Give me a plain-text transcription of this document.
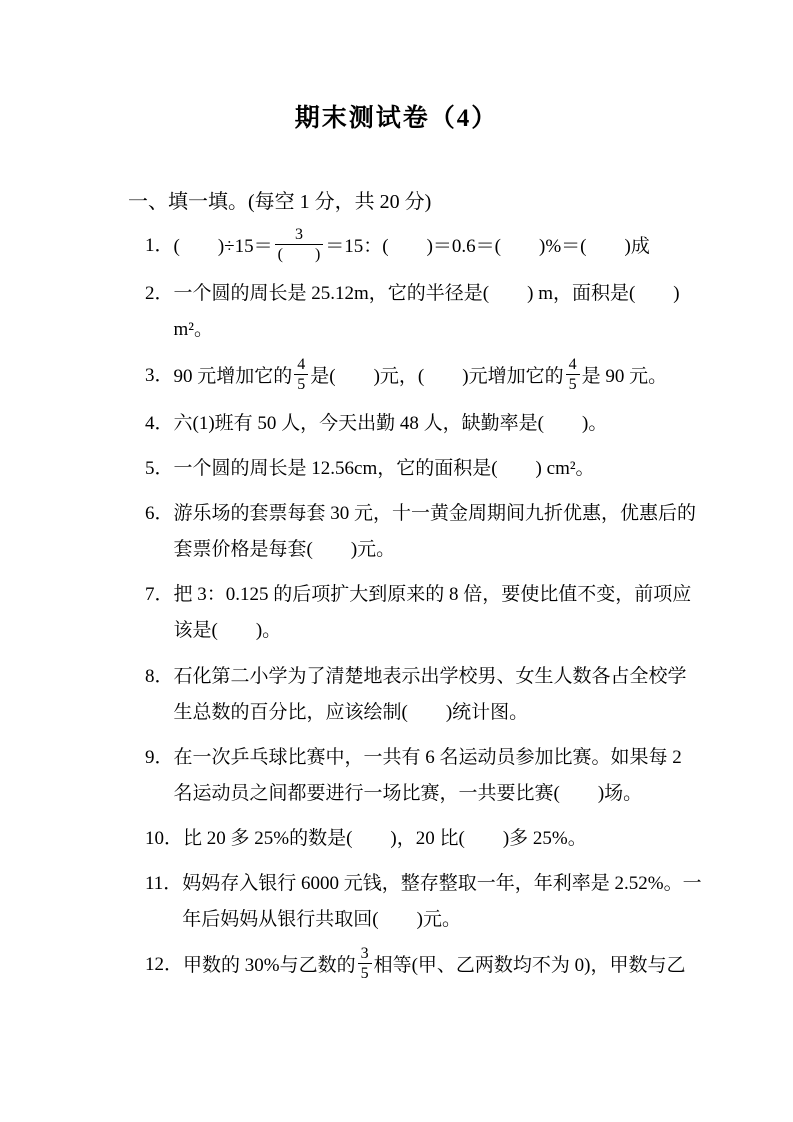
期末测试卷（4）
一、填一填。(每空 1 分，共 20 分)
1． (　　)$\div 15= \frac{3}{( )} =15$：(　　)＝0.6＝(　　)%＝(　　)成
2． 一个圆的周长是 25.12m，它的半径是(　　) m，面积是(　　) m²。
3． 90 元增加它的 $\frac{4}{5}$ 是(　　)元，(　　)元增加它的 $\frac{4}{5}$ 是 90 元。
4． 六(1)班有 50 人，今天出勤 48 人，缺勤率是(　　)。
5． 一个圆的周长是 12.56cm，它的面积是(　　) cm²。
6． 游乐场的套票每套 30 元，十一黄金周期间九折优惠，优惠后的套票价格是每套(　　)元。
7． 把 3：0.125 的后项扩大到原来的 8 倍，要使比值不变，前项应该是(　　)。
8． 石化第二小学为了清楚地表示出学校男、女生人数各占全校学生总数的百分比，应该绘制(　　)统计图。
9． 在一次乒乓球比赛中，一共有 6 名运动员参加比赛。如果每 2 名运动员之间都要进行一场比赛，一共要比赛(　　)场。
10． 比 20 多 25%的数是(　　)，20 比(　　)多 25%。
11． 妈妈存入银行 6000 元钱，整存整取一年，年利率是 2.52%。一年后妈妈从银行共取回(　　)元。
12． 甲数的 30%与乙数的 $\frac{3}{5}$ 相等(甲、乙两数均不为 0)，甲数与乙
